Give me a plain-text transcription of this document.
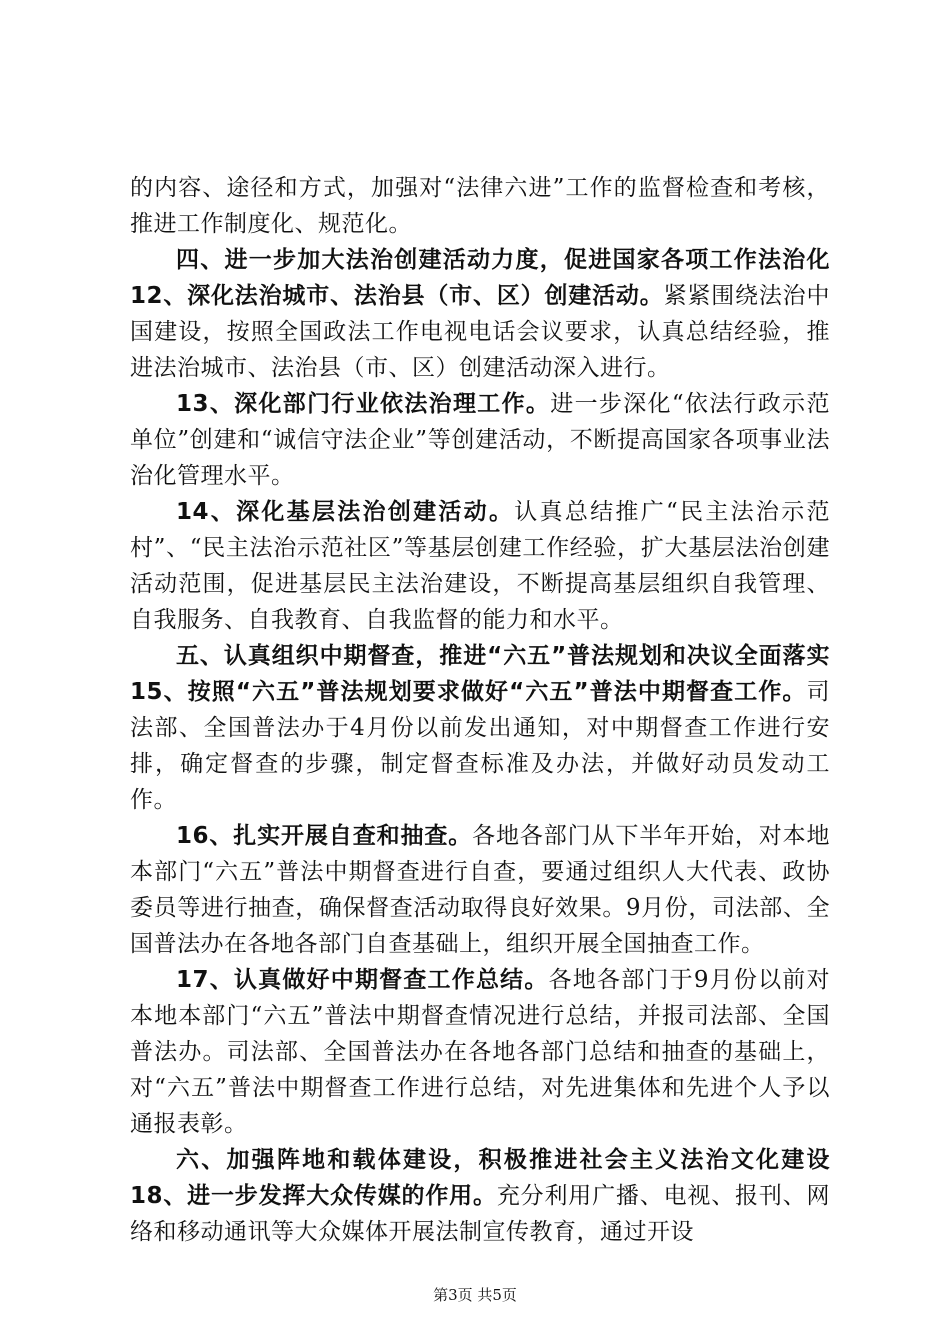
的内容、途径和方式，加强对“法律六进”工作的监督检查和考核，推进工作制度化、规范化。

四、进一步加大法治创建活动力度，促进国家各项工作法治化 12、深化法治城市、法治县（市、区）创建活动。紧紧围绕法治中国建设，按照全国政法工作电视电话会议要求，认真总结经验，推进法治城市、法治县（市、区）创建活动深入进行。

13、深化部门行业依法治理工作。进一步深化“依法行政示范单位”创建和“诚信守法企业”等创建活动，不断提高国家各项事业法治化管理水平。

14、深化基层法治创建活动。认真总结推广“民主法治示范村”、“民主法治示范社区”等基层创建工作经验，扩大基层法治创建活动范围，促进基层民主法治建设，不断提高基层组织自我管理、自我服务、自我教育、自我监督的能力和水平。

五、认真组织中期督查，推进“六五”普法规划和决议全面落实 15、按照“六五”普法规划要求做好“六五”普法中期督查工作。司法部、全国普法办于4月份以前发出通知，对中期督查工作进行安排，确定督查的步骤，制定督查标准及办法，并做好动员发动工作。

16、扎实开展自查和抽查。各地各部门从下半年开始，对本地本部门“六五”普法中期督查进行自查，要通过组织人大代表、政协委员等进行抽查，确保督查活动取得良好效果。9月份，司法部、全国普法办在各地各部门自查基础上，组织开展全国抽查工作。

17、认真做好中期督查工作总结。各地各部门于9月份以前对本地本部门“六五”普法中期督查情况进行总结，并报司法部、全国普法办。司法部、全国普法办在各地各部门总结和抽查的基础上，对“六五”普法中期督查工作进行总结，对先进集体和先进个人予以通报表彰。

六、加强阵地和载体建设，积极推进社会主义法治文化建设 18、进一步发挥大众传媒的作用。充分利用广播、电视、报刊、网络和移动通讯等大众媒体开展法制宣传教育，通过开设

第3页 共5页
